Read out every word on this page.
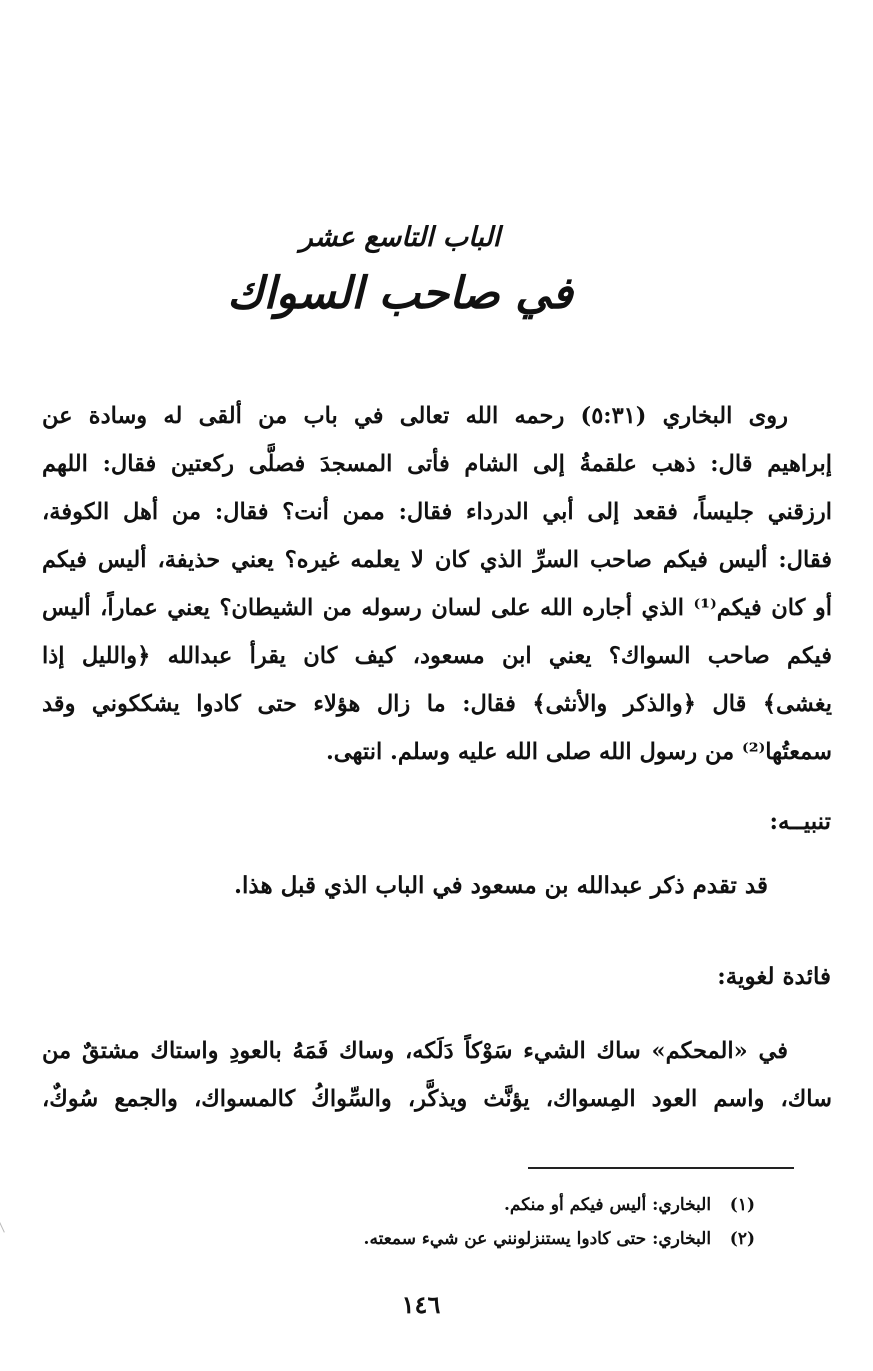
الباب التاسع عشر
في صاحب السواك
روى البخاري (٥:٣١) رحمه الله تعالى في باب من ألقى له وسادة عن
إبراهيم قال: ذهب علقمةُ إلى الشام فأتى المسجدَ فصلَّى ركعتين فقال: اللهم
ارزقني جليساً، فقعد إلى أبي الدرداء فقال: ممن أنت؟ فقال: من أهل الكوفة،
فقال: أليس فيكم صاحب السرِّ الذي كان لا يعلمه غيره؟ يعني حذيفة، أليس فيكم
أو كان فيكم⁽¹⁾ الذي أجاره الله على لسان رسوله من الشيطان؟ يعني عماراً، أليس
فيكم صاحب السواك؟ يعني ابن مسعود، كيف كان يقرأ عبدالله ﴿والليل إذا
يغشى﴾ قال ﴿والذكر والأنثى﴾ فقال: ما زال هؤلاء حتى كادوا يشككوني وقد
سمعتُها⁽²⁾ من رسول الله صلى الله عليه وسلم. انتهى.
تنبيــه:
قد تقدم ذكر عبدالله بن مسعود في الباب الذي قبل هذا.
فائدة لغوية:
في «المحكم» ساك الشيء سَوْكاً دَلَكه، وساك فَمَهُ بالعودِ واستاك مشتقٌ من
ساك، واسم العود المِسواك، يؤنَّث ويذكَّر، والسِّواكُ كالمسواك، والجمع سُوكٌ،
(١) البخاري: أليس فيكم أو منكم.
(٢) البخاري: حتى كادوا يستنزلونني عن شيء سمعته.
١٤٦
